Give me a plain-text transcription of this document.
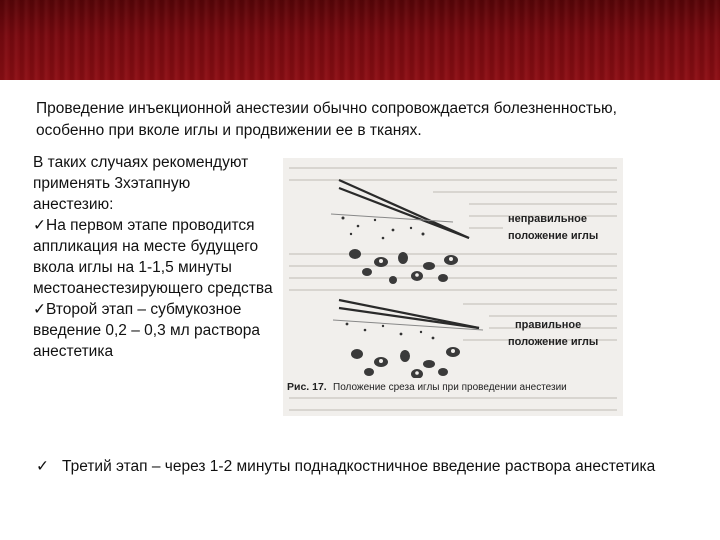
Проведение инъекционной анестезии обычно сопровождается болезненностью, особенно при вколе иглы и продвижении ее в тканях.

В таких случаях рекомендуют применять 3хэтапную анестезию:

✓На первом этапе проводится аппликация на месте будущего вкола иглы на 1-1,5 минуты местоанестезирующего средства

✓Второй этап – субмукозное введение 0,2 – 0,3 мл раствора анестетика

неправильное
положение иглы
правильное
положение иглы
Рис. 17. Положение среза иглы при проведении анестезии
✓ Третий этап – через 1-2 минуты поднадкостничное введение раствора анестетика
